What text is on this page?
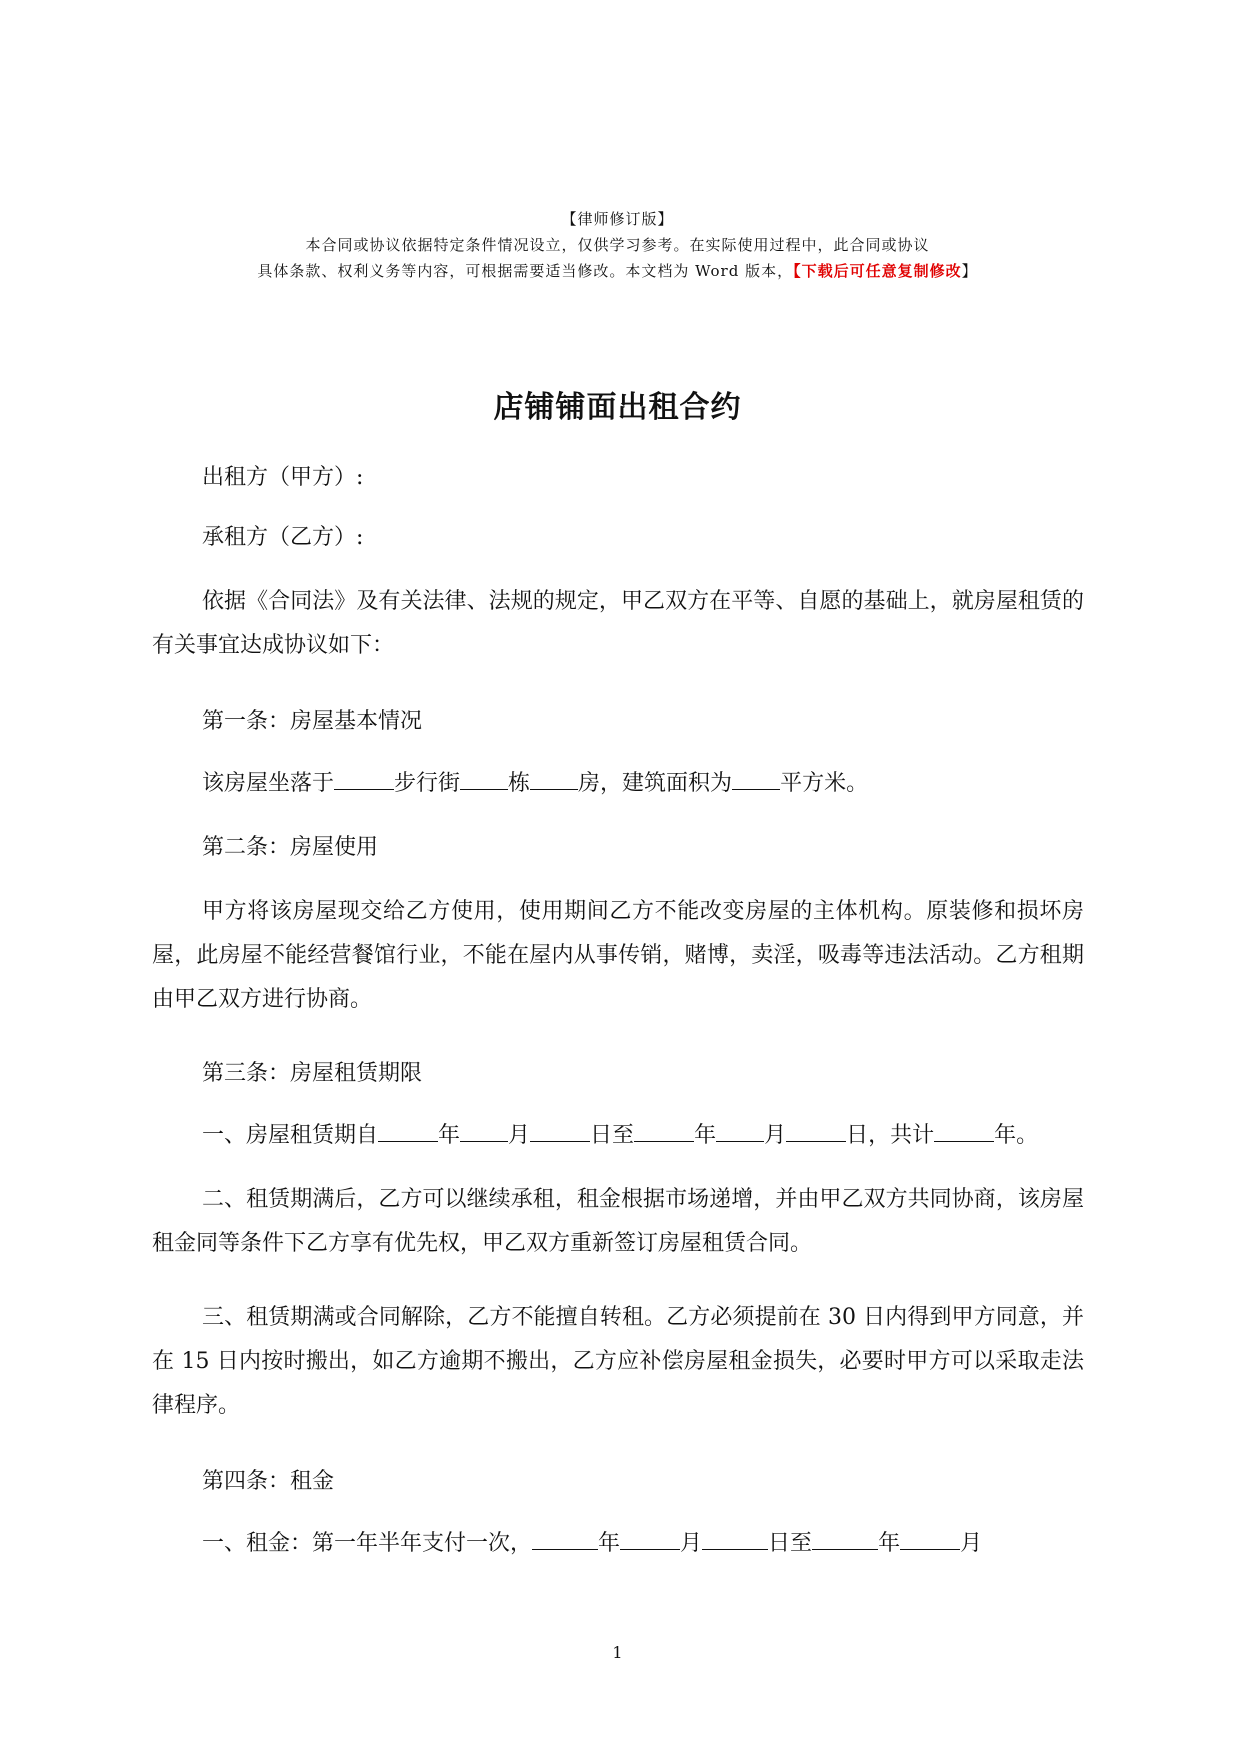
【律师修订版】
本合同或协议依据特定条件情况设立，仅供学习参考。在实际使用过程中，此合同或协议
具体条款、权利义务等内容，可根据需要适当修改。本文档为 Word 版本，【下载后可任意复制修改】
店铺铺面出租合约
出租方（甲方）:
承租方（乙方）:
依据《合同法》及有关法律、法规的规定，甲乙双方在平等、自愿的基础上，就房屋租赁的有关事宜达成协议如下：
第一条：房屋基本情况
该房屋坐落于	步行街 栋 房，建筑面积为 平方米。
第二条：房屋使用
甲方将该房屋现交给乙方使用，使用期间乙方不能改变房屋的主体机构。原装修和损坏房屋，此房屋不能经营餐馆行业，不能在屋内从事传销，赌博，卖淫，吸毒等违法活动。乙方租期由甲乙双方进行协商。
第三条：房屋租赁期限
一、房屋租赁期自	年 月	日至	年 月	日，共计	年。
二、租赁期满后，乙方可以继续承租，租金根据市场递增，并由甲乙双方共同协商，该房屋租金同等条件下乙方享有优先权，甲乙双方重新签订房屋租赁合同。
三、租赁期满或合同解除，乙方不能擅自转租。乙方必须提前在 30 日内得到甲方同意，并在 15 日内按时搬出，如乙方逾期不搬出，乙方应补偿房屋租金损失，必要时甲方可以采取走法律程序。
第四条：租金
一、租金：第一年半年支付一次，	年	月	日至	年	月
1
